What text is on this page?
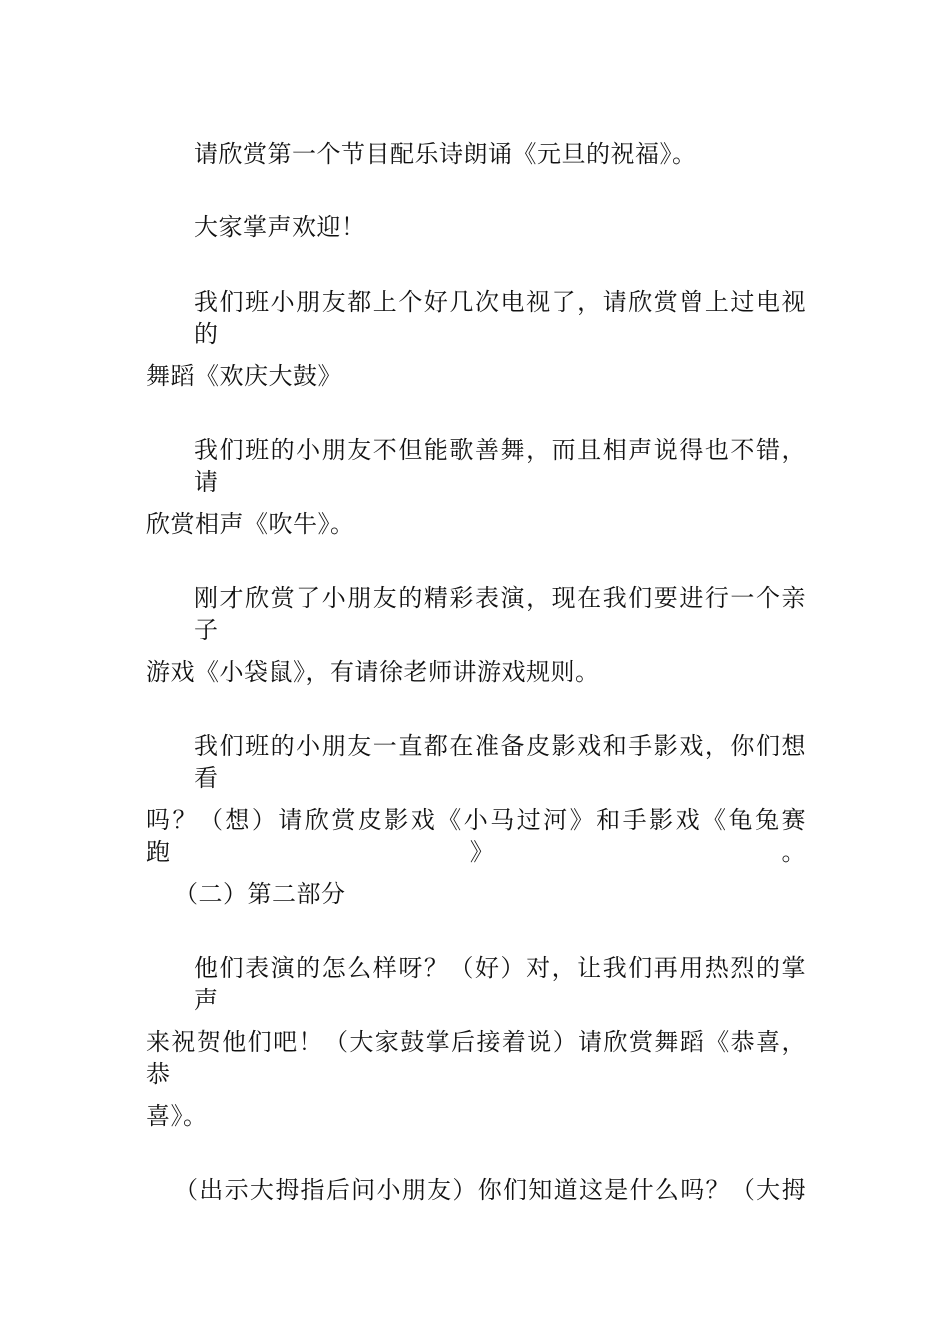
请欣赏第一个节目配乐诗朗诵《元旦的祝福》。
大家掌声欢迎！
我们班小朋友都上个好几次电视了，请欣赏曾上过电视的
舞蹈《欢庆大鼓》
我们班的小朋友不但能歌善舞，而且相声说得也不错，请
欣赏相声《吹牛》。
刚才欣赏了小朋友的精彩表演，现在我们要进行一个亲子
游戏《小袋鼠》，有请徐老师讲游戏规则。
我们班的小朋友一直都在准备皮影戏和手影戏，你们想看
吗？（想）请欣赏皮影戏《小马过河》和手影戏《龟兔赛跑》。
（二）第二部分
他们表演的怎么样呀？（好）对，让我们再用热烈的掌声
来祝贺他们吧！（大家鼓掌后接着说）请欣赏舞蹈《恭喜，恭
喜》。
（出示大拇指后问小朋友）你们知道这是什么吗？（大拇
